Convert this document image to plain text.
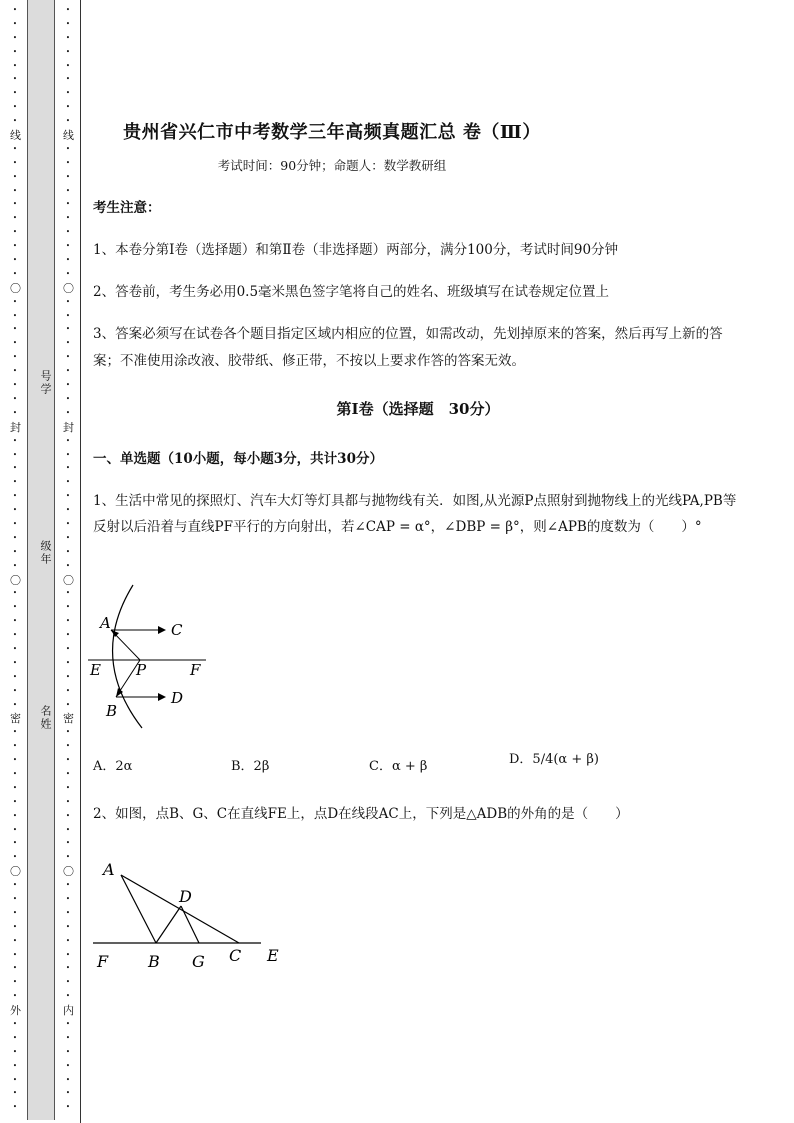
•
•
•
•
•
•
•
•
•
线
•
•
•
•
•
•
•
•
•
•
〇
•
•
•
•
•
•
•
•
•
封
•
•
•
•
•
•
•
•
•
•
〇
•
•
•
•
•
•
•
•
•
密
•
•
•
•
•
•
•
•
•
•
〇
•
•
•
•
•
•
•
•
•
外
•
•
•
•
•
•
•
号学
级年
名姓
•
•
•
•
•
•
•
•
•
线
•
•
•
•
•
•
•
•
•
•
〇
•
•
•
•
•
•
•
•
•
封
•
•
•
•
•
•
•
•
•
•
〇
•
•
•
•
•
•
•
•
•
密
•
•
•
•
•
•
•
•
•
•
〇
•
•
•
•
•
•
•
•
•
内
•
•
•
•
•
•
•
贵州省兴仁市中考数学三年高频真题汇总 卷（Ⅲ）
考试时间：90分钟；命题人：数学教研组
考生注意：
1、本卷分第Ⅰ卷（选择题）和第Ⅱ卷（非选择题）两部分，满分100分，考试时间90分钟
2、答卷前，考生务必用0.5毫米黑色签字笔将自己的姓名、班级填写在试卷规定位置上
3、答案必须写在试卷各个题目指定区域内相应的位置，如需改动，先划掉原来的答案，然后再写上新的答案；不准使用涂改液、胶带纸、修正带，不按以上要求作答的答案无效。
第Ⅰ卷（选择题　30分）
一、单选题（10小题，每小题3分，共计30分）
1、生活中常见的探照灯、汽车大灯等灯具都与抛物线有关．如图,从光源P点照射到抛物线上的光线PA,PB等反射以后沿着与直线PF平行的方向射出，若∠CAP = α°，∠DBP = β°，则∠APB的度数为（　　）°
A	C
E P	F
B
D
A．2α	B．2β	C．α + β	D．5/4(α + β)
2、如图，点B、G、C在直线FE上，点D在线段AC上，下列是△ADB的外角的是（　　）
A
D
F B G C E
